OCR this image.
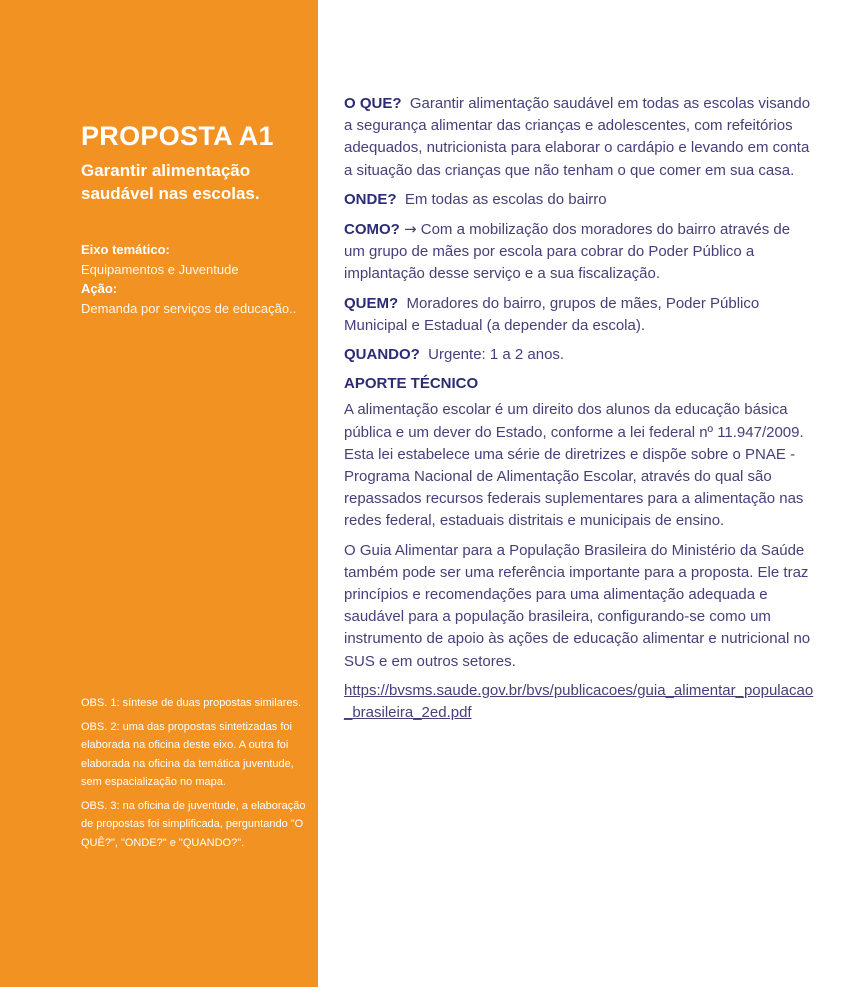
PROPOSTA A1
Garantir alimentação saudável nas escolas.
Eixo temático:
Equipamentos e Juventude
Ação:
Demanda por serviços de educação..

OBS. 1: síntese de duas propostas similares.

OBS. 2: uma das propostas sintetizadas foi elaborada na oficina deste eixo. A outra foi elaborada na oficina da temática juventude, sem espacialização no mapa.

OBS. 3: na oficina de juventude, a elaboração de propostas foi simplificada, perguntando "O QUÊ?", "ONDE?" e "QUANDO?".

O QUE? Garantir alimentação saudável em todas as escolas visando a segurança alimentar das crianças e adolescentes, com refeitórios adequados, nutricionista para elaborar o cardápio e levando em conta a situação das crianças que não tenham o que comer em sua casa.

ONDE? Em todas as escolas do bairro

COMO? → Com a mobilização dos moradores do bairro através de um grupo de mães por escola para cobrar do Poder Público a implantação desse serviço e a sua fiscalização.

QUEM? Moradores do bairro, grupos de mães, Poder Público Municipal e Estadual (a depender da escola).

QUANDO? Urgente: 1 a 2 anos.

APORTE TÉCNICO

A alimentação escolar é um direito dos alunos da educação básica pública e um dever do Estado, conforme a lei federal nº 11.947/2009. Esta lei estabelece uma série de diretrizes e dispõe sobre o PNAE - Programa Nacional de Alimentação Escolar, através do qual são repassados recursos federais suplementares para a alimentação nas redes federal, estaduais distritais e municipais de ensino.

O Guia Alimentar para a População Brasileira do Ministério da Saúde também pode ser uma referência importante para a proposta. Ele traz princípios e recomendações para uma alimentação adequada e saudável para a população brasileira, configurando-se como um instrumento de apoio às ações de educação alimentar e nutricional no SUS e em outros setores.

https://bvsms.saude.gov.br/bvs/publicacoes/guia_alimentar_populacao_brasileira_2ed.pdf
